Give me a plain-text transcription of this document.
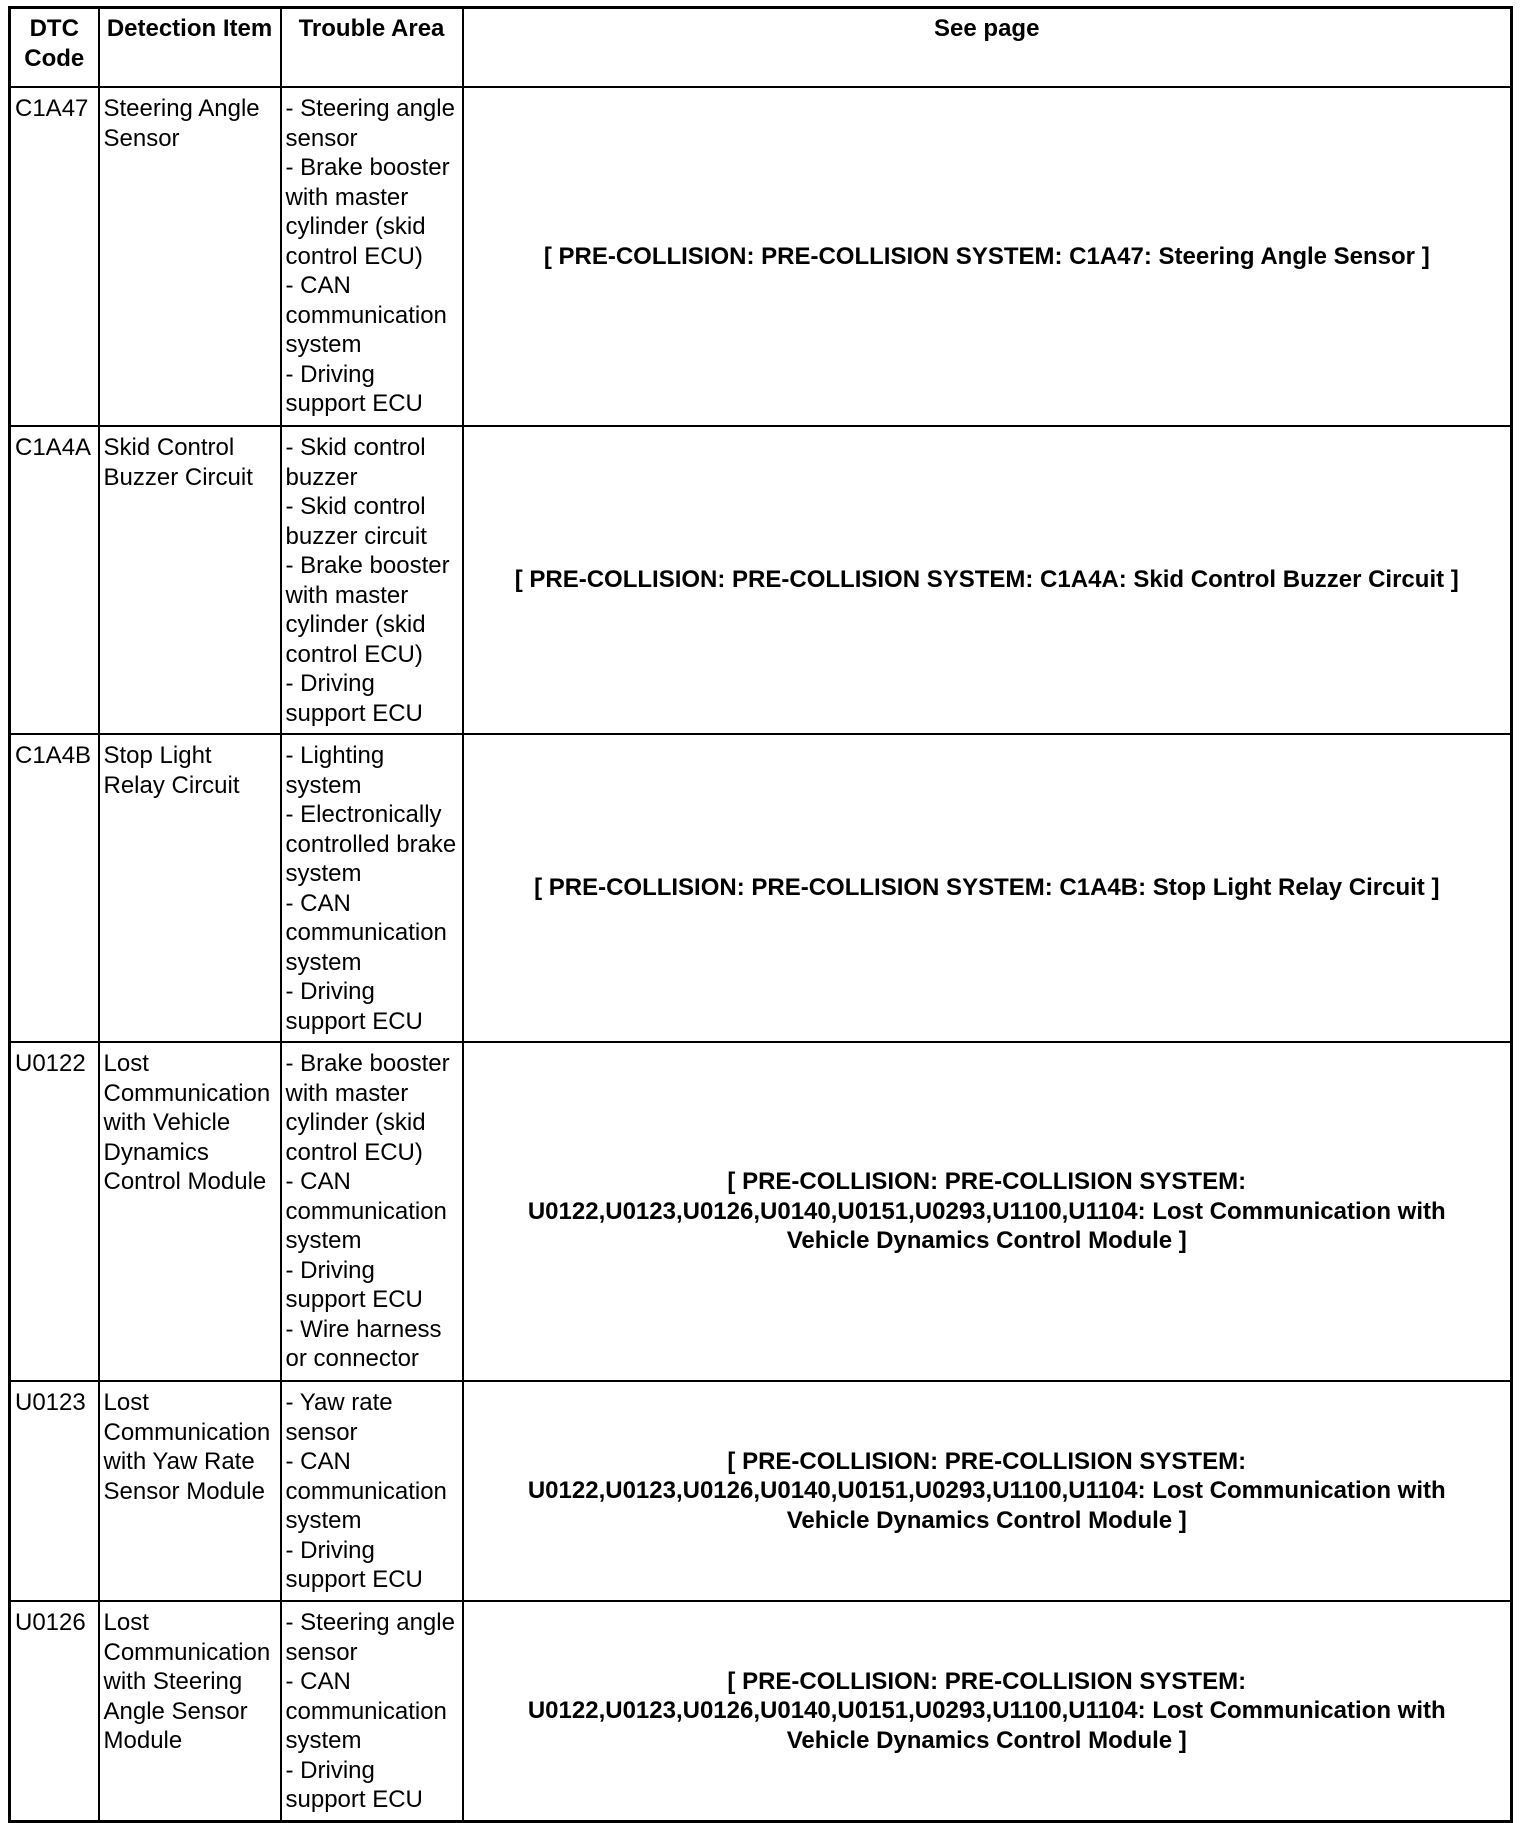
DTC Code	Detection Item	Trouble Area	See page
C1A47	Steering Angle Sensor	- Steering angle sensor
- Brake booster with master cylinder (skid control ECU)
- CAN communication system
- Driving support ECU	[ PRE-COLLISION: PRE-COLLISION SYSTEM: C1A47: Steering Angle Sensor ]
C1A4A	Skid Control Buzzer Circuit	- Skid control buzzer
- Skid control buzzer circuit
- Brake booster with master cylinder (skid control ECU)
- Driving support ECU	[ PRE-COLLISION: PRE-COLLISION SYSTEM: C1A4A: Skid Control Buzzer Circuit ]
C1A4B	Stop Light Relay Circuit	- Lighting system
- Electronically controlled brake system
- CAN communication system
- Driving support ECU	[ PRE-COLLISION: PRE-COLLISION SYSTEM: C1A4B: Stop Light Relay Circuit ]
U0122	Lost Communication with Vehicle Dynamics Control Module	- Brake booster with master cylinder (skid control ECU)
- CAN communication system
- Driving support ECU
- Wire harness or connector	[ PRE-COLLISION: PRE-COLLISION SYSTEM: U0122,U0123,U0126,U0140,U0151,U0293,U1100,U1104: Lost Communication with Vehicle Dynamics Control Module ]
U0123	Lost Communication with Yaw Rate Sensor Module	- Yaw rate sensor
- CAN communication system
- Driving support ECU	[ PRE-COLLISION: PRE-COLLISION SYSTEM: U0122,U0123,U0126,U0140,U0151,U0293,U1100,U1104: Lost Communication with Vehicle Dynamics Control Module ]
U0126	Lost Communication with Steering Angle Sensor Module	- Steering angle sensor
- CAN communication system
- Driving support ECU	[ PRE-COLLISION: PRE-COLLISION SYSTEM: U0122,U0123,U0126,U0140,U0151,U0293,U1100,U1104: Lost Communication with Vehicle Dynamics Control Module ]
